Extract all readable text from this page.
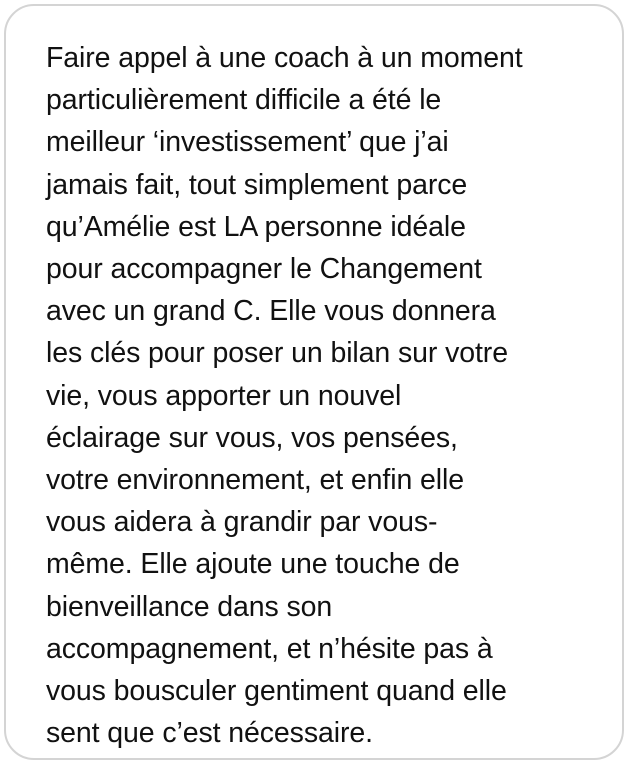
Faire appel à une coach à un moment
particulièrement difficile a été le
meilleur ‘investissement’ que j’ai
jamais fait, tout simplement parce
qu’Amélie est LA personne idéale
pour accompagner le Changement
avec un grand C. Elle vous donnera
les clés pour poser un bilan sur votre
vie, vous apporter un nouvel
éclairage sur vous, vos pensées,
votre environnement, et enfin elle
vous aidera à grandir par vous-
même. Elle ajoute une touche de
bienveillance dans son
accompagnement, et n’hésite pas à
vous bousculer gentiment quand elle
sent que c’est nécessaire.
